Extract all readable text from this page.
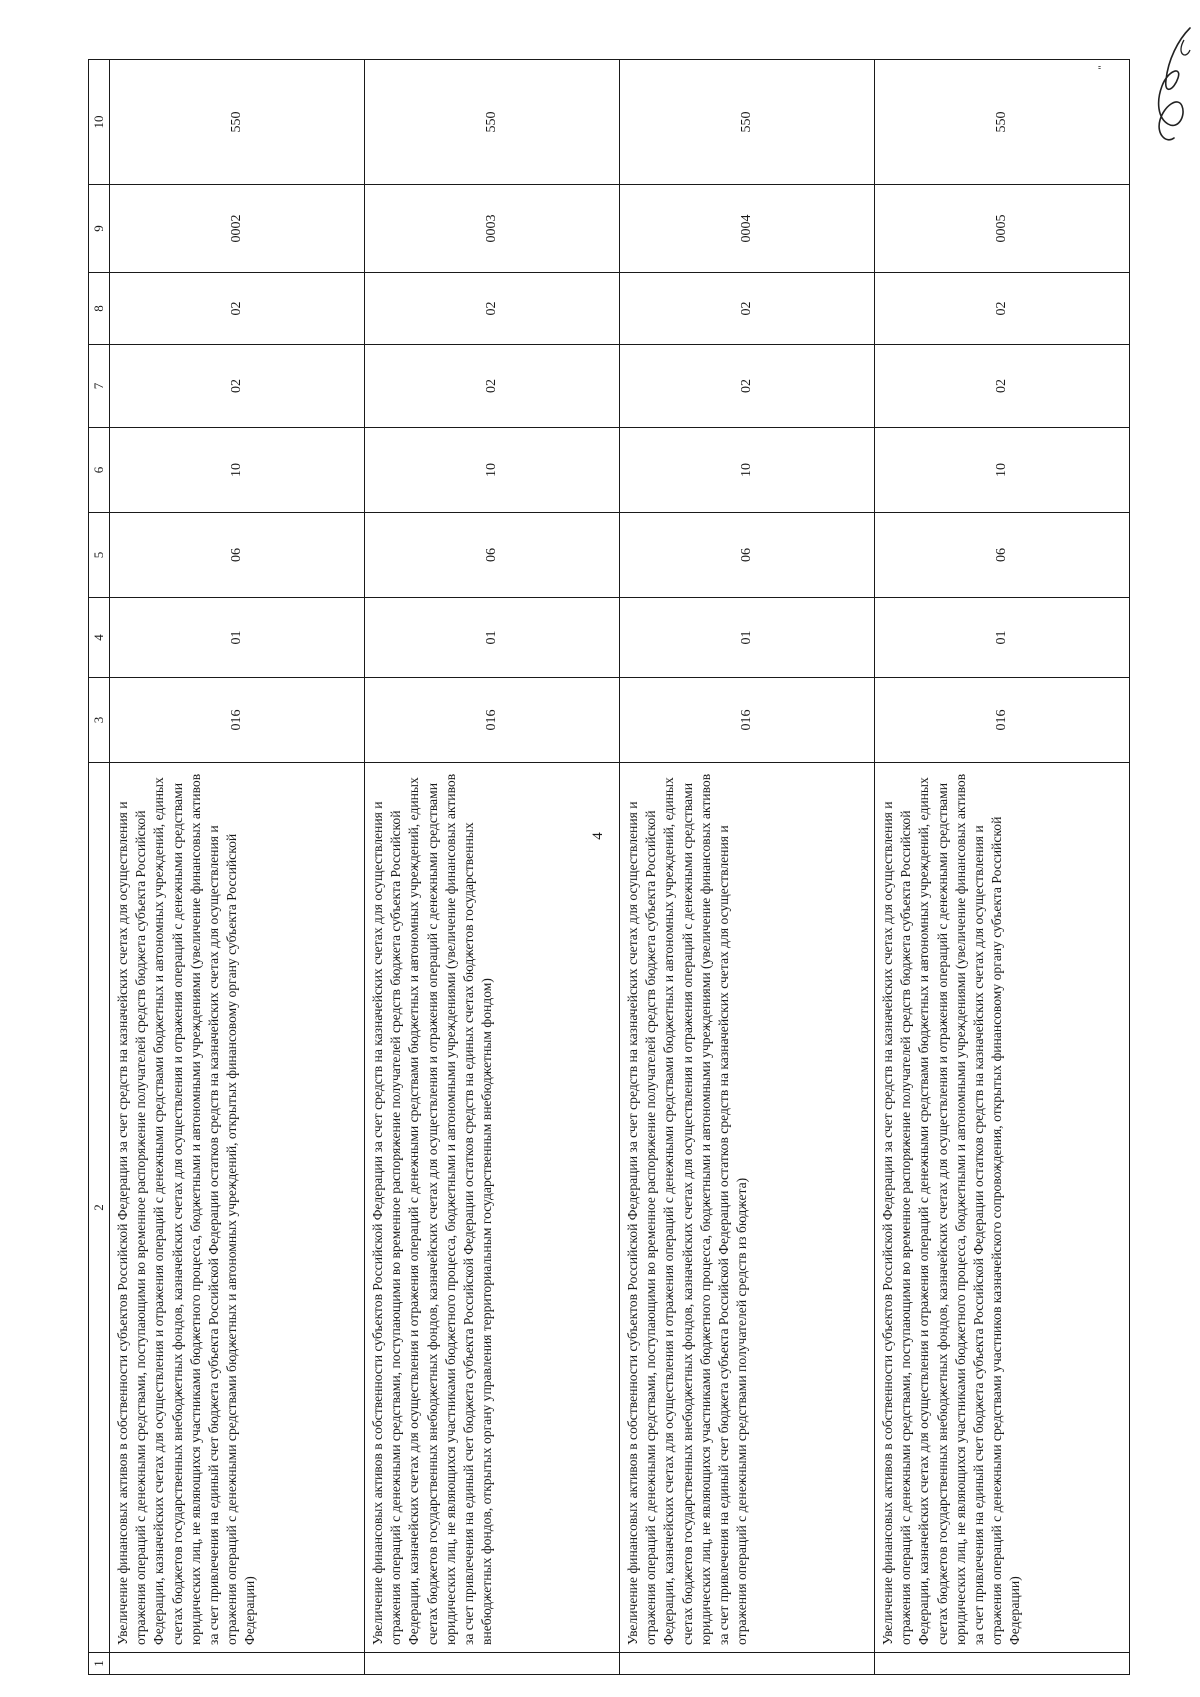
4
"
1	2	3	4	5	6	7	8	9	10
	Увеличение финансовых активов в собственности субъектов Российской Федерации за счет средств на казначейских счетах для осуществления и отражения операций с денежными средствами, поступающими во временное распоряжение получателей средств бюджета субъекта Российской Федерации, казначейских счетах для осуществления и отражения операций с денежными средствами бюджетных и автономных учреждений, единых счетах бюджетов государственных внебюджетных фондов, казначейских счетах для осуществления и отражения операций с денежными средствами юридических лиц, не являющихся участниками бюджетного процесса, бюджетными и автономными учреждениями (увеличение финансовых активов за счет привлечения на единый счет бюджета субъекта Российской Федерации остатков средств на казначейских счетах для осуществления и отражения операций с денежными средствами бюджетных и автономных учреждений, открытых финансовому органу субъекта Российской Федерации)	016	01	06	10	02	02	0002	550
	Увеличение финансовых активов в собственности субъектов Российской Федерации за счет средств на казначейских счетах для осуществления и отражения операций с денежными средствами, поступающими во временное распоряжение получателей средств бюджета субъекта Российской Федерации, казначейских счетах для осуществления и отражения операций с денежными средствами бюджетных и автономных учреждений, единых счетах бюджетов государственных внебюджетных фондов, казначейских счетах для осуществления и отражения операций с денежными средствами юридических лиц, не являющихся участниками бюджетного процесса, бюджетными и автономными учреждениями (увеличение финансовых активов за счет привлечения на единый счет бюджета субъекта Российской Федерации остатков средств на единых счетах бюджетов государственных внебюджетных фондов, открытых органу управления территориальным государственным внебюджетным фондом)	016	01	06	10	02	02	0003	550
	Увеличение финансовых активов в собственности субъектов Российской Федерации за счет средств на казначейских счетах для осуществления и отражения операций с денежными средствами, поступающими во временное распоряжение получателей средств бюджета субъекта Российской Федерации, казначейских счетах для осуществления и отражения операций с денежными средствами бюджетных и автономных учреждений, единых счетах бюджетов государственных внебюджетных фондов, казначейских счетах для осуществления и отражения операций с денежными средствами юридических лиц, не являющихся участниками бюджетного процесса, бюджетными и автономными учреждениями (увеличение финансовых активов за счет привлечения на единый счет бюджета субъекта Российской Федерации остатков средств на казначейских счетах для осуществления и отражения операций с денежными средствами получателей средств из бюджета)	016	01	06	10	02	02	0004	550
	Увеличение финансовых активов в собственности субъектов Российской Федерации за счет средств на казначейских счетах для осуществления и отражения операций с денежными средствами, поступающими во временное распоряжение получателей средств бюджета субъекта Российской Федерации, казначейских счетах для осуществления и отражения операций с денежными средствами бюджетных и автономных учреждений, единых счетах бюджетов государственных внебюджетных фондов, казначейских счетах для осуществления и отражения операций с денежными средствами юридических лиц, не являющихся участниками бюджетного процесса, бюджетными и автономными учреждениями (увеличение финансовых активов за счет привлечения на единый счет бюджета субъекта Российской Федерации остатков средств на казначейских счетах для осуществления и отражения операций с денежными средствами участников казначейского сопровождения, открытых финансовому органу субъекта Российской Федерации)	016	01	06	10	02	02	0005	550
